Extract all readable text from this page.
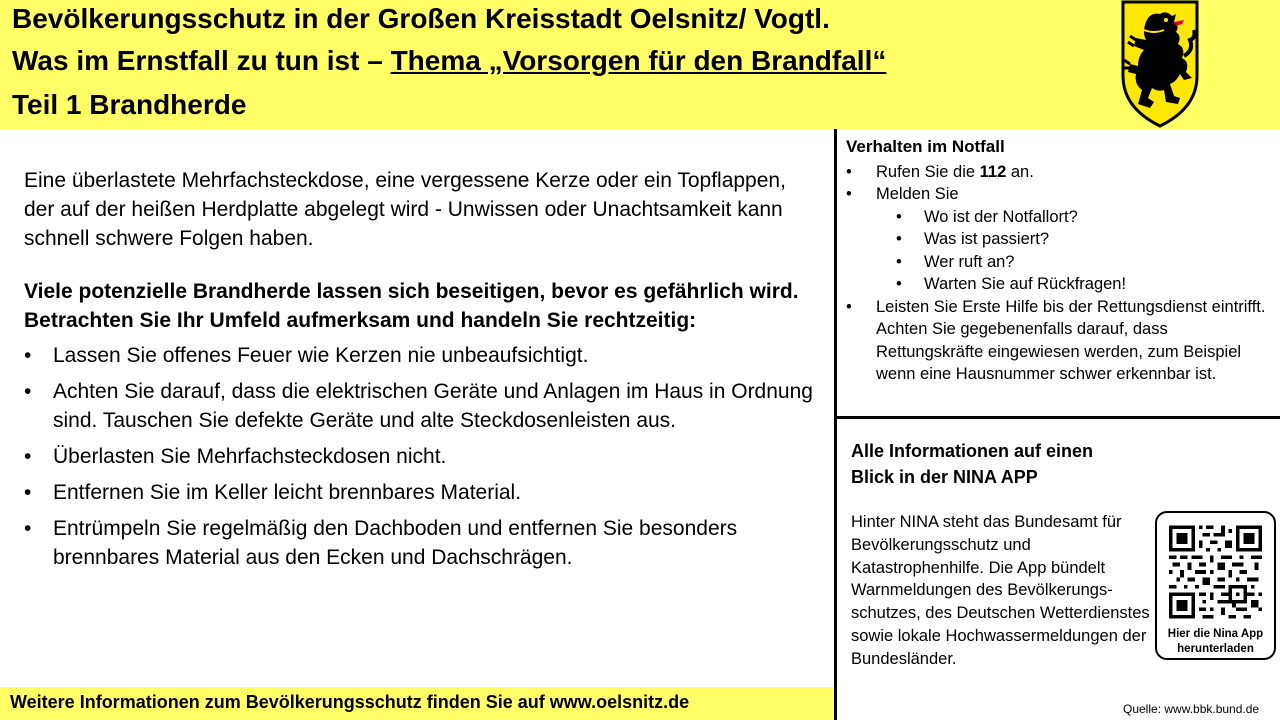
Bevölkerungsschutz in der Großen Kreisstadt Oelsnitz/ Vogtl.
Was im Ernstfall zu tun ist – Thema „Vorsorgen für den Brandfall“
Teil 1 Brandherde

Eine überlastete Mehrfachsteckdose, eine vergessene Kerze oder ein Topflappen, der auf der heißen Herdplatte abgelegt wird - Unwissen oder Unachtsamkeit kann schnell schwere Folgen haben.

Viele potenzielle Brandherde lassen sich beseitigen, bevor es gefährlich wird. Betrachten Sie Ihr Umfeld aufmerksam und handeln Sie rechtzeitig:

• Lassen Sie offenes Feuer wie Kerzen nie unbeaufsichtigt.
• Achten Sie darauf, dass die elektrischen Geräte und Anlagen im Haus in Ordnung sind. Tauschen Sie defekte Geräte und alte Steckdosenleisten aus.
• Überlasten Sie Mehrfachsteckdosen nicht.
• Entfernen Sie im Keller leicht brennbares Material.
• Entrümpeln Sie regelmäßig den Dachboden und entfernen Sie besonders brennbares Material aus den Ecken und Dachschrägen.
Weitere Informationen zum Bevölkerungsschutz finden Sie auf www.oelsnitz.de
Verhalten im Notfall
• Rufen Sie die 112 an.
• Melden Sie
• Wo ist der Notfallort?
• Was ist passiert?
• Wer ruft an?
• Warten Sie auf Rückfragen!
• Leisten Sie Erste Hilfe bis der Rettungsdienst eintrifft. Achten Sie gegebenenfalls darauf, dass Rettungskräfte eingewiesen werden, zum Beispiel wenn eine Hausnummer schwer erkennbar ist.
Alle Informationen auf einen
Blick in der NINA APP
Hinter NINA steht das Bundesamt für Bevölkerungsschutz und Katastrophenhilfe. Die App bündelt Warnmeldungen des Bevölkerungs-schutzes, des Deutschen Wetterdienstes sowie lokale Hochwassermeldungen der Bundesländer.
Hier die Nina App
herunterladen
Quelle: www.bbk.bund.de
